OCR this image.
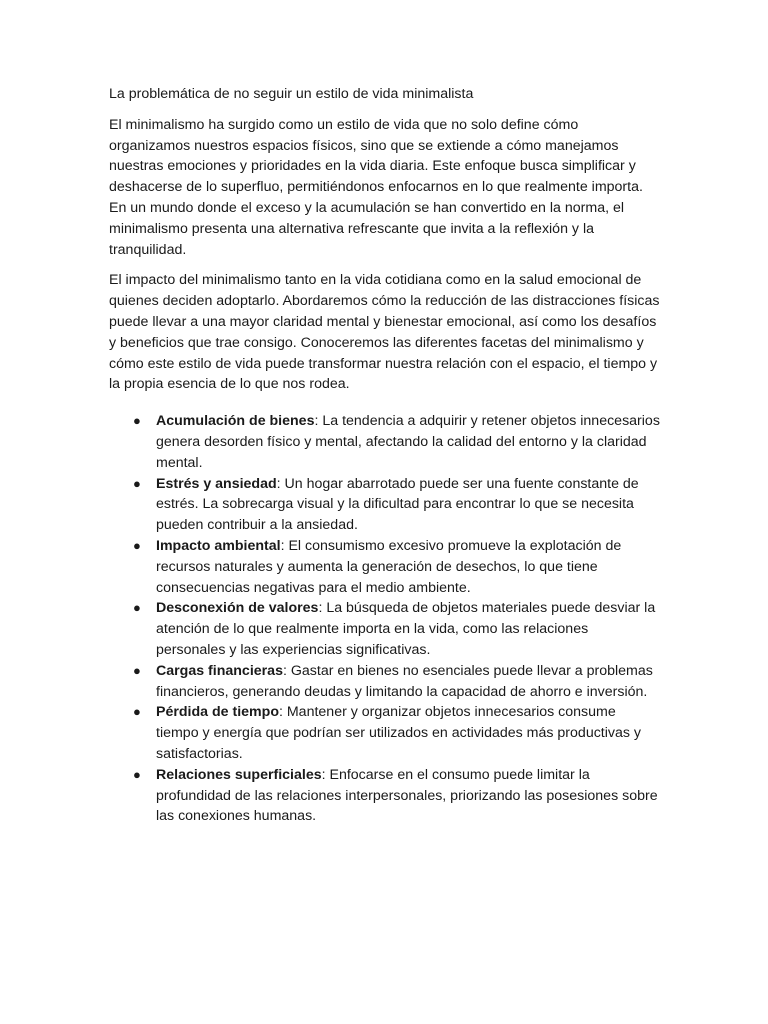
La problemática de no seguir un estilo de vida minimalista

El minimalismo ha surgido como un estilo de vida que no solo define cómo organizamos nuestros espacios físicos, sino que se extiende a cómo manejamos nuestras emociones y prioridades en la vida diaria. Este enfoque busca simplificar y deshacerse de lo superfluo, permitiéndonos enfocarnos en lo que realmente importa. En un mundo donde el exceso y la acumulación se han convertido en la norma, el minimalismo presenta una alternativa refrescante que invita a la reflexión y la tranquilidad.

El impacto del minimalismo tanto en la vida cotidiana como en la salud emocional de quienes deciden adoptarlo. Abordaremos cómo la reducción de las distracciones físicas puede llevar a una mayor claridad mental y bienestar emocional, así como los desafíos y beneficios que trae consigo. Conoceremos las diferentes facetas del minimalismo y cómo este estilo de vida puede transformar nuestra relación con el espacio, el tiempo y la propia esencia de lo que nos rodea.

● Acumulación de bienes: La tendencia a adquirir y retener objetos innecesarios genera desorden físico y mental, afectando la calidad del entorno y la claridad mental.
● Estrés y ansiedad: Un hogar abarrotado puede ser una fuente constante de estrés. La sobrecarga visual y la dificultad para encontrar lo que se necesita pueden contribuir a la ansiedad.
● Impacto ambiental: El consumismo excesivo promueve la explotación de recursos naturales y aumenta la generación de desechos, lo que tiene consecuencias negativas para el medio ambiente.
● Desconexión de valores: La búsqueda de objetos materiales puede desviar la atención de lo que realmente importa en la vida, como las relaciones personales y las experiencias significativas.
● Cargas financieras: Gastar en bienes no esenciales puede llevar a problemas financieros, generando deudas y limitando la capacidad de ahorro e inversión.
● Pérdida de tiempo: Mantener y organizar objetos innecesarios consume tiempo y energía que podrían ser utilizados en actividades más productivas y satisfactorias.
● Relaciones superficiales: Enfocarse en el consumo puede limitar la profundidad de las relaciones interpersonales, priorizando las posesiones sobre las conexiones humanas.
